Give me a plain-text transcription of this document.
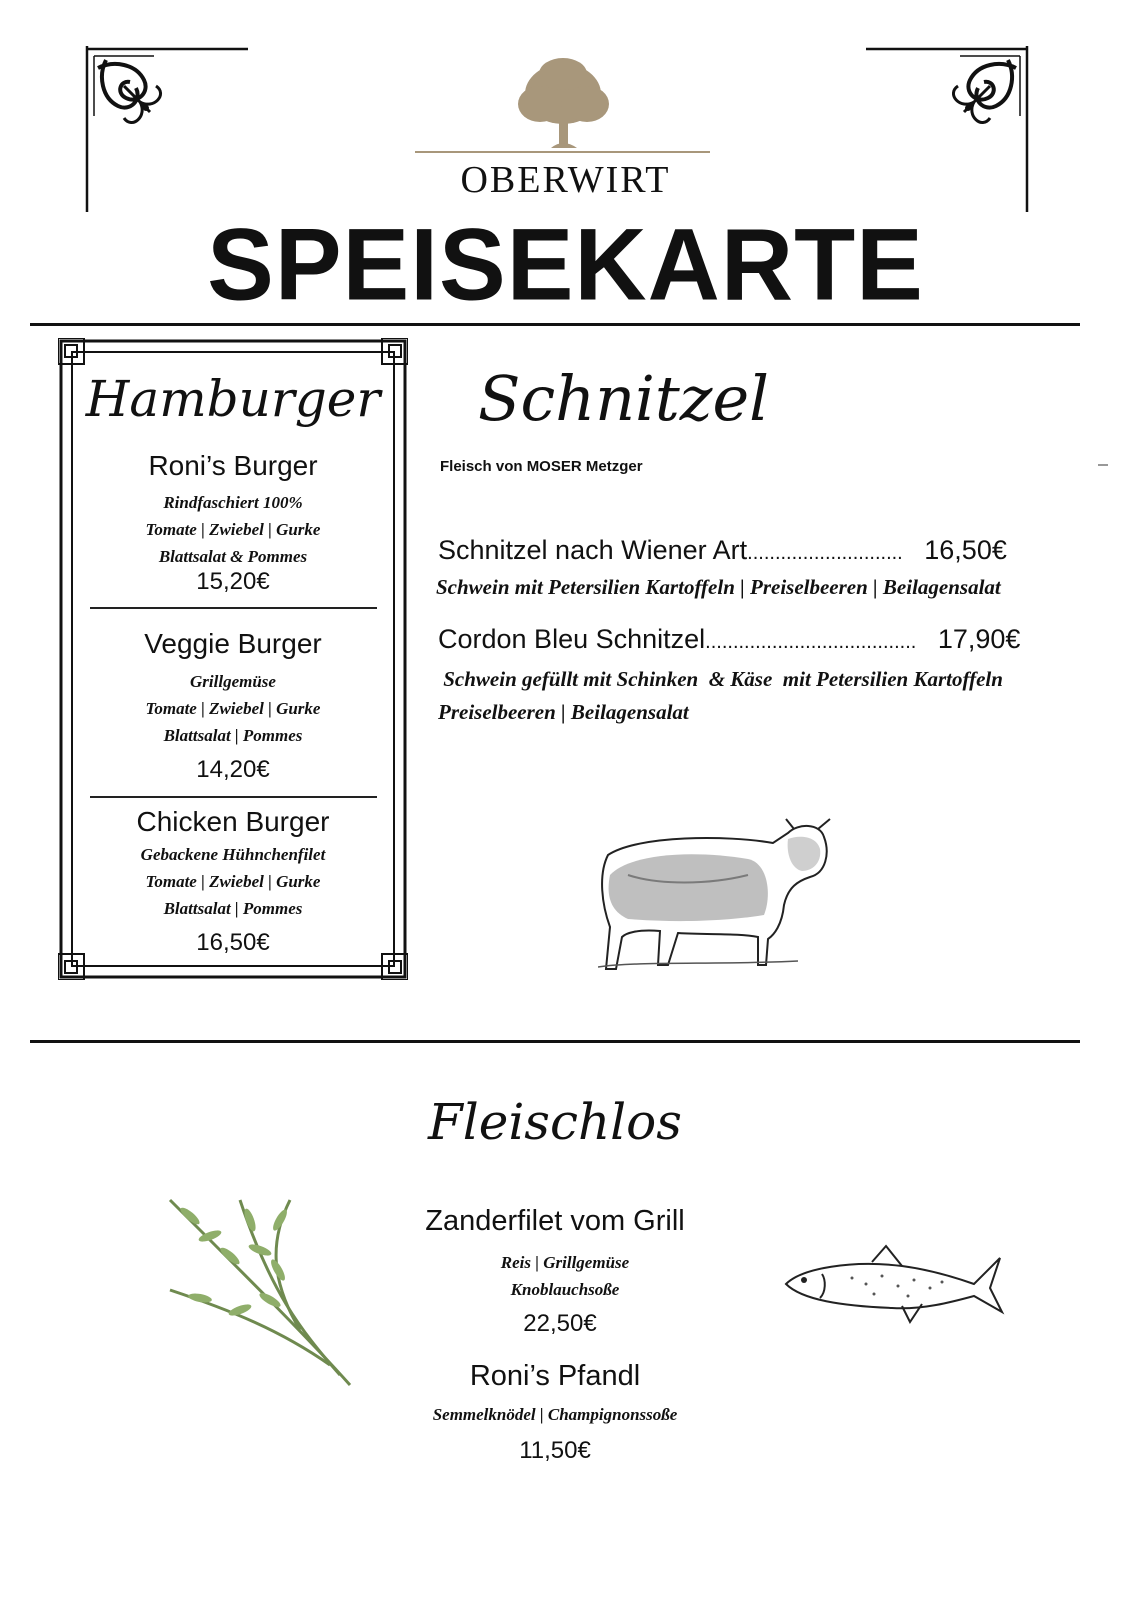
OBERWIRT
SPEISEKARTE
Hamburger
Roni’s Burger
Rindfaschiert 100%
Tomate | Zwiebel | Gurke
Blattsalat & Pommes
15,20€
Veggie Burger
Grillgemüse
Tomate | Zwiebel | Gurke
Blattsalat | Pommes
14,20€
Chicken Burger
Gebackene Hühnchenfilet
Tomate | Zwiebel | Gurke
Blattsalat | Pommes
16,50€
Schnitzel
Fleisch von MOSER Metzger
Schnitzel nach Wiener Art............................ 16,50€
Schwein mit Petersilien Kartoffeln | Preiselbeeren | Beilagensalat
Cordon Bleu Schnitzel...................................... 17,90€
Schwein gefüllt mit Schinken  & Käse  mit Petersilien Kartoffeln
Preiselbeeren | Beilagensalat
Fleischlos
Zanderfilet vom Grill
Reis | Grillgemüse
Knoblauchsoße
22,50€
Roni’s Pfandl
Semmelknödel | Champignonssoße
11,50€
